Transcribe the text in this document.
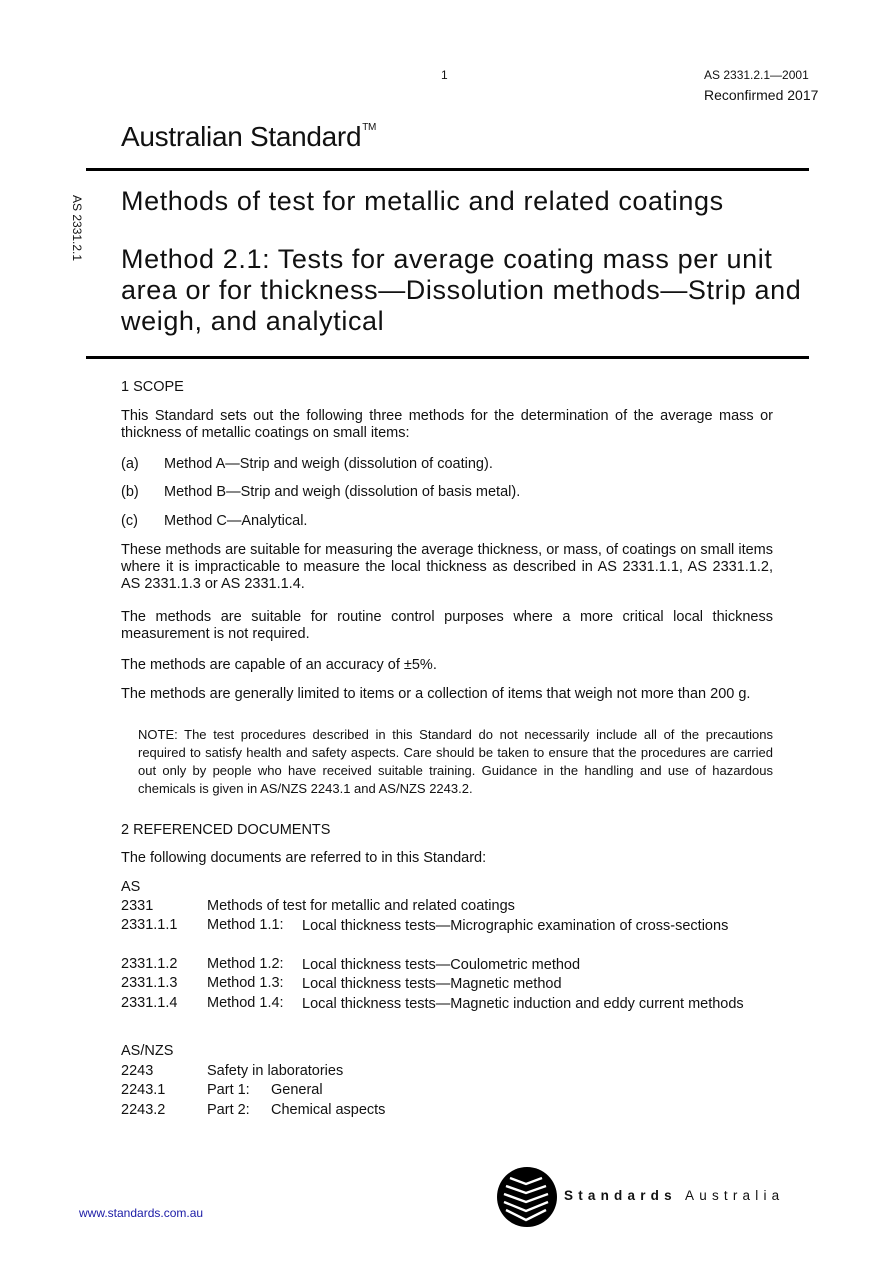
1	AS 2331.2.1—2001
Reconfirmed 2017
Australian Standard™
AS 2331.2.1 Methods of test for metallic and related coatings
Method 2.1: Tests for average coating mass per unit area or for thickness—Dissolution methods—Strip and weigh, and analytical
1 SCOPE
This Standard sets out the following three methods for the determination of the average mass or thickness of metallic coatings on small items:
(a) Method A—Strip and weigh (dissolution of coating).
(b) Method B—Strip and weigh (dissolution of basis metal).
(c) Method C—Analytical.
These methods are suitable for measuring the average thickness, or mass, of coatings on small items where it is impracticable to measure the local thickness as described in AS 2331.1.1, AS 2331.1.2, AS 2331.1.3 or AS 2331.1.4.
The methods are suitable for routine control purposes where a more critical local thickness measurement is not required.
The methods are capable of an accuracy of ±5%.
The methods are generally limited to items or a collection of items that weigh not more than 200 g.
NOTE: The test procedures described in this Standard do not necessarily include all of the precautions required to satisfy health and safety aspects. Care should be taken to ensure that the procedures are carried out only by people who have received suitable training. Guidance in the handling and use of hazardous chemicals is given in AS/NZS 2243.1 and AS/NZS 2243.2.
2 REFERENCED DOCUMENTS
The following documents are referred to in this Standard:
AS
2331	Methods of test for metallic and related coatings
2331.1.1 Method 1.1: Local thickness tests—Micrographic examination of cross-sections
2331.1.2 Method 1.2: Local thickness tests—Coulometric method
2331.1.3 Method 1.3: Local thickness tests—Magnetic method
2331.1.4 Method 1.4: Local thickness tests—Magnetic induction and eddy current methods
AS/NZS
2243	Safety in laboratories
2243.1	Part 1: General
2243.2	Part 2: Chemical aspects
www.standards.com.au
Standards Australia
